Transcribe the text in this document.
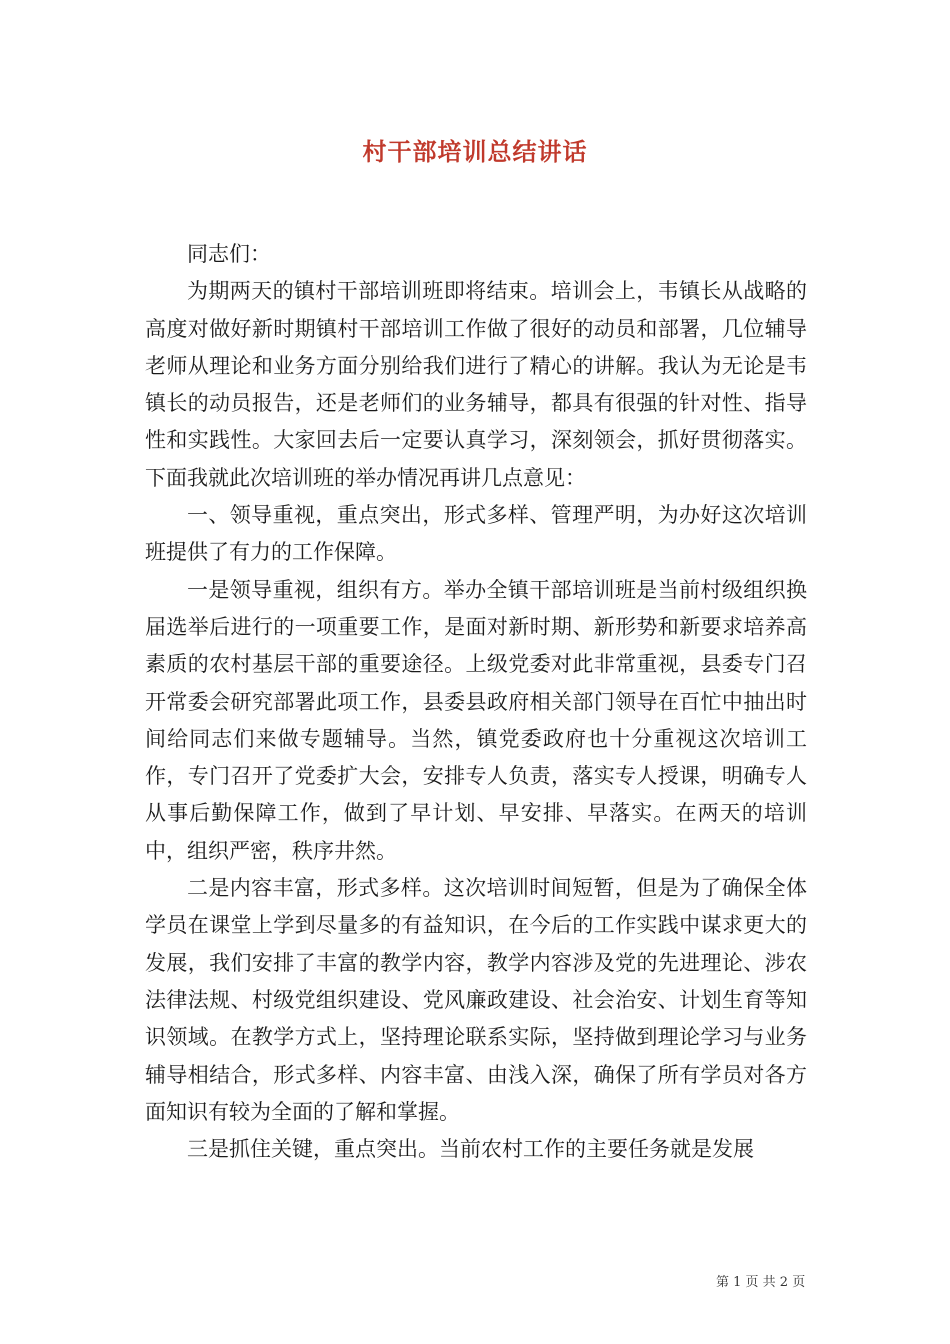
村干部培训总结讲话

同志们：

为期两天的镇村干部培训班即将结束。培训会上，韦镇长从战略的高度对做好新时期镇村干部培训工作做了很好的动员和部署，几位辅导老师从理论和业务方面分别给我们进行了精心的讲解。我认为无论是韦镇长的动员报告，还是老师们的业务辅导，都具有很强的针对性、指导性和实践性。大家回去后一定要认真学习，深刻领会，抓好贯彻落实。下面我就此次培训班的举办情况再讲几点意见：

一、领导重视，重点突出，形式多样、管理严明，为办好这次培训班提供了有力的工作保障。

一是领导重视，组织有方。举办全镇干部培训班是当前村级组织换届选举后进行的一项重要工作，是面对新时期、新形势和新要求培养高素质的农村基层干部的重要途径。上级党委对此非常重视，县委专门召开常委会研究部署此项工作，县委县政府相关部门领导在百忙中抽出时间给同志们来做专题辅导。当然，镇党委政府也十分重视这次培训工作，专门召开了党委扩大会，安排专人负责，落实专人授课，明确专人从事后勤保障工作，做到了早计划、早安排、早落实。在两天的培训中，组织严密，秩序井然。

二是内容丰富，形式多样。这次培训时间短暂，但是为了确保全体学员在课堂上学到尽量多的有益知识，在今后的工作实践中谋求更大的发展，我们安排了丰富的教学内容，教学内容涉及党的先进理论、涉农法律法规、村级党组织建设、党风廉政建设、社会治安、计划生育等知识领域。在教学方式上，坚持理论联系实际，坚持做到理论学习与业务辅导相结合，形式多样、内容丰富、由浅入深，确保了所有学员对各方面知识有较为全面的了解和掌握。

三是抓住关键，重点突出。当前农村工作的主要任务就是发展

第 1 页 共 2 页
